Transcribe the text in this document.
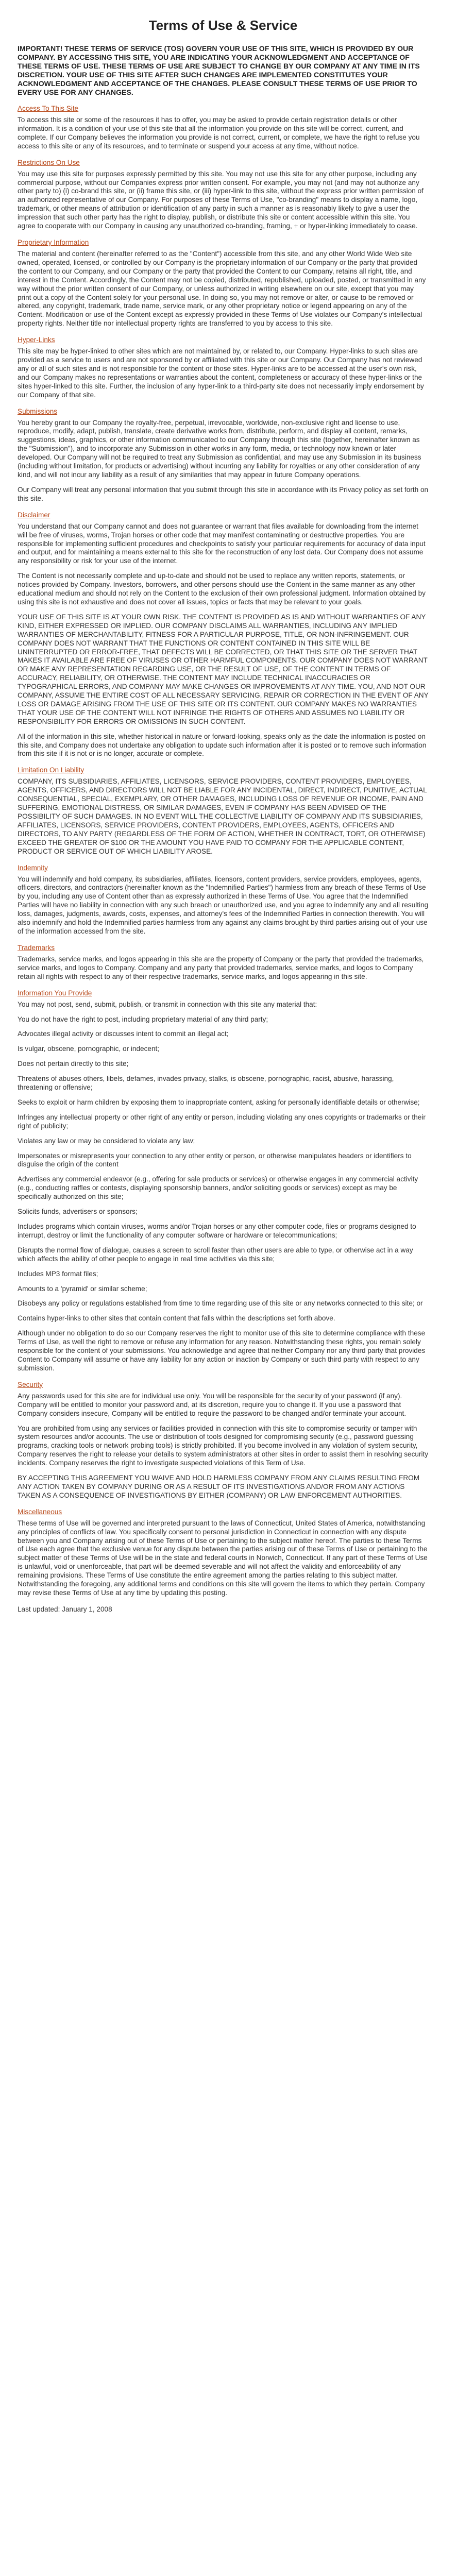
Terms of Use & Service

IMPORTANT! THESE TERMS OF SERVICE (TOS) GOVERN YOUR USE OF THIS SITE, WHICH IS PROVIDED BY OUR COMPANY. BY ACCESSING THIS SITE, YOU ARE INDICATING YOUR ACKNOWLEDGMENT AND ACCEPTANCE OF THESE TERMS OF USE. THESE TERMS OF USE ARE SUBJECT TO CHANGE BY OUR COMPANY AT ANY TIME IN ITS DISCRETION. YOUR USE OF THIS SITE AFTER SUCH CHANGES ARE IMPLEMENTED CONSTITUTES YOUR ACKNOWLEDGMENT AND ACCEPTANCE OF THE CHANGES. PLEASE CONSULT THESE TERMS OF USE PRIOR TO EVERY USE FOR ANY CHANGES.

Access To This Site

To access this site or some of the resources it has to offer, you may be asked to provide certain registration details or other information. It is a condition of your use of this site that all the information you provide on this site will be correct, current, and complete. If our Company believes the information you provide is not correct, current, or complete, we have the right to refuse you access to this site or any of its resources, and to terminate or suspend your access at any time, without notice.

Restrictions On Use

You may use this site for purposes expressly permitted by this site. You may not use this site for any other purpose, including any commercial purpose, without our Companies express prior written consent. For example, you may not (and may not authorize any other party to) (i) co-brand this site, or (ii) frame this site, or (iii) hyper-link to this site, without the express prior written permission of an authorized representative of our Company. For purposes of these Terms of Use, "co-branding" means to display a name, logo, trademark, or other means of attribution or identification of any party in such a manner as is reasonably likely to give a user the impression that such other party has the right to display, publish, or distribute this site or content accessible within this site. You agree to cooperate with our Company in causing any unauthorized co-branding, framing, + or hyper-linking immediately to cease.

Proprietary Information

The material and content (hereinafter referred to as the "Content") accessible from this site, and any other World Wide Web site owned, operated, licensed, or controlled by our Company is the proprietary information of our Company or the party that provided the content to our Company, and our Company or the party that provided the Content to our Company, retains all right, title, and interest in the Content. Accordingly, the Content may not be copied, distributed, republished, uploaded, posted, or transmitted in any way without the prior written consent of our Company, or unless authorized in writing elsewhere on our site, except that you may print out a copy of the Content solely for your personal use. In doing so, you may not remove or alter, or cause to be removed or altered, any copyright, trademark, trade name, service mark, or any other proprietary notice or legend appearing on any of the Content. Modification or use of the Content except as expressly provided in these Terms of Use violates our Company's intellectual property rights. Neither title nor intellectual property rights are transferred to you by access to this site.

Hyper-Links

This site may be hyper-linked to other sites which are not maintained by, or related to, our Company. Hyper-links to such sites are provided as a service to users and are not sponsored by or affiliated with this site or our Company. Our Company has not reviewed any or all of such sites and is not responsible for the content or those sites. Hyper-links are to be accessed at the user's own risk, and our Company makes no representations or warranties about the content, completeness or accuracy of these hyper-links or the sites hyper-linked to this site. Further, the inclusion of any hyper-link to a third-party site does not necessarily imply endorsement by our Company of that site.

Submissions

You hereby grant to our Company the royalty-free, perpetual, irrevocable, worldwide, non-exclusive right and license to use, reproduce, modify, adapt, publish, translate, create derivative works from, distribute, perform, and display all content, remarks, suggestions, ideas, graphics, or other information communicated to our Company through this site (together, hereinafter known as the "Submission"), and to incorporate any Submission in other works in any form, media, or technology now known or later developed. Our Company will not be required to treat any Submission as confidential, and may use any Submission in its business (including without limitation, for products or advertising) without incurring any liability for royalties or any other consideration of any kind, and will not incur any liability as a result of any similarities that may appear in future Company operations.

Our Company will treat any personal information that you submit through this site in accordance with its Privacy policy as set forth on this site.

Disclaimer

You understand that our Company cannot and does not guarantee or warrant that files available for downloading from the internet will be free of viruses, worms, Trojan horses or other code that may manifest contaminating or destructive properties. You are responsible for implementing sufficient procedures and checkpoints to satisfy your particular requirements for accuracy of data input and output, and for maintaining a means external to this site for the reconstruction of any lost data. Our Company does not assume any responsibility or risk for your use of the internet.

The Content is not necessarily complete and up-to-date and should not be used to replace any written reports, statements, or notices provided by Company. Investors, borrowers, and other persons should use the Content in the same manner as any other educational medium and should not rely on the Content to the exclusion of their own professional judgment. Information obtained by using this site is not exhaustive and does not cover all issues, topics or facts that may be relevant to your goals.

YOUR USE OF THIS SITE IS AT YOUR OWN RISK. THE CONTENT IS PROVIDED AS IS AND WITHOUT WARRANTIES OF ANY KIND, EITHER EXPRESSED OR IMPLIED. OUR COMPANY DISCLAIMS ALL WARRANTIES, INCLUDING ANY IMPLIED WARRANTIES OF MERCHANTABILITY, FITNESS FOR A PARTICULAR PURPOSE, TITLE, OR NON-INFRINGEMENT. OUR COMPANY DOES NOT WARRANT THAT THE FUNCTIONS OR CONTENT CONTAINED IN THIS SITE WILL BE UNINTERRUPTED OR ERROR-FREE, THAT DEFECTS WILL BE CORRECTED, OR THAT THIS SITE OR THE SERVER THAT MAKES IT AVAILABLE ARE FREE OF VIRUSES OR OTHER HARMFUL COMPONENTS. OUR COMPANY DOES NOT WARRANT OR MAKE ANY REPRESENTATION REGARDING USE, OR THE RESULT OF USE, OF THE CONTENT IN TERMS OF ACCURACY, RELIABILITY, OR OTHERWISE. THE CONTENT MAY INCLUDE TECHNICAL INACCURACIES OR TYPOGRAPHICAL ERRORS, AND COMPANY MAY MAKE CHANGES OR IMPROVEMENTS AT ANY TIME. YOU, AND NOT OUR COMPANY, ASSUME THE ENTIRE COST OF ALL NECESSARY SERVICING, REPAIR OR CORRECTION IN THE EVENT OF ANY LOSS OR DAMAGE ARISING FROM THE USE OF THIS SITE OR ITS CONTENT. OUR COMPANY MAKES NO WARRANTIES THAT YOUR USE OF THE CONTENT WILL NOT INFRINGE THE RIGHTS OF OTHERS AND ASSUMES NO LIABILITY OR RESPONSIBILITY FOR ERRORS OR OMISSIONS IN SUCH CONTENT.

All of the information in this site, whether historical in nature or forward-looking, speaks only as the date the information is posted on this site, and Company does not undertake any obligation to update such information after it is posted or to remove such information from this site if it is not or is no longer, accurate or complete.

Limitation On Liability

COMPANY, ITS SUBSIDIARIES, AFFILIATES, LICENSORS, SERVICE PROVIDERS, CONTENT PROVIDERS, EMPLOYEES, AGENTS, OFFICERS, AND DIRECTORS WILL NOT BE LIABLE FOR ANY INCIDENTAL, DIRECT, INDIRECT, PUNITIVE, ACTUAL CONSEQUENTIAL, SPECIAL, EXEMPLARY, OR OTHER DAMAGES, INCLUDING LOSS OF REVENUE OR INCOME, PAIN AND SUFFERING, EMOTIONAL DISTRESS, OR SIMILAR DAMAGES, EVEN IF COMPANY HAS BEEN ADVISED OF THE POSSIBILITY OF SUCH DAMAGES. IN NO EVENT WILL THE COLLECTIVE LIABILITY OF COMPANY AND ITS SUBSIDIARIES, AFFILIATES, LICENSORS, SERVICE PROVIDERS, CONTENT PROVIDERS, EMPLOYEES, AGENTS, OFFICERS AND DIRECTORS, TO ANY PARTY (REGARDLESS OF THE FORM OF ACTION, WHETHER IN CONTRACT, TORT, OR OTHERWISE) EXCEED THE GREATER OF $100 OR THE AMOUNT YOU HAVE PAID TO COMPANY FOR THE APPLICABLE CONTENT, PRODUCT OR SERVICE OUT OF WHICH LIABILITY AROSE.

Indemnity

You will indemnify and hold company, its subsidiaries, affiliates, licensors, content providers, service providers, employees, agents, officers, directors, and contractors (hereinafter known as the "Indemnified Parties") harmless from any breach of these Terms of Use by you, including any use of Content other than as expressly authorized in these Terms of Use. You agree that the Indemnified Parties will have no liability in connection with any such breach or unauthorized use, and you agree to indemnify any and all resulting loss, damages, judgments, awards, costs, expenses, and attorney's fees of the Indemnified Parties in connection therewith. You will also indemnify and hold the Indemnified parties harmless from any against any claims brought by third parties arising out of your use of the information accessed from the site.

Trademarks

Trademarks, service marks, and logos appearing in this site are the property of Company or the party that provided the trademarks, service marks, and logos to Company. Company and any party that provided trademarks, service marks, and logos to Company retain all rights with respect to any of their respective trademarks, service marks, and logos appearing in this site.

Information You Provide

You may not post, send, submit, publish, or transmit in connection with this site any material that:

You do not have the right to post, including proprietary material of any third party;

Advocates illegal activity or discusses intent to commit an illegal act;

Is vulgar, obscene, pornographic, or indecent;

Does not pertain directly to this site;

Threatens of abuses others, libels, defames, invades privacy, stalks, is obscene, pornographic, racist, abusive, harassing, threatening or offensive;

Seeks to exploit or harm children by exposing them to inappropriate content, asking for personally identifiable details or otherwise;

Infringes any intellectual property or other right of any entity or person, including violating any ones copyrights or trademarks or their right of publicity;

Violates any law or may be considered to violate any law;

Impersonates or misrepresents your connection to any other entity or person, or otherwise manipulates headers or identifiers to disguise the origin of the content

Advertises any commercial endeavor (e.g., offering for sale products or services) or otherwise engages in any commercial activity (e.g., conducting raffles or contests, displaying sponsorship banners, and/or soliciting goods or services) except as may be specifically authorized on this site;

Solicits funds, advertisers or sponsors;

Includes programs which contain viruses, worms and/or Trojan horses or any other computer code, files or programs designed to interrupt, destroy or limit the functionality of any computer software or hardware or telecommunications;

Disrupts the normal flow of dialogue, causes a screen to scroll faster than other users are able to type, or otherwise act in a way which affects the ability of other people to engage in real time activities via this site;

Includes MP3 format files;

Amounts to a 'pyramid' or similar scheme;

Disobeys any policy or regulations established from time to time regarding use of this site or any networks connected to this site; or

Contains hyper-links to other sites that contain content that falls within the descriptions set forth above.

Although under no obligation to do so our Company reserves the right to monitor use of this site to determine compliance with these Terms of Use, as well the right to remove or refuse any information for any reason. Notwithstanding these rights, you remain solely responsible for the content of your submissions. You acknowledge and agree that neither Company nor any third party that provides Content to Company will assume or have any liability for any action or inaction by Company or such third party with respect to any submission.

Security

Any passwords used for this site are for individual use only. You will be responsible for the security of your password (if any). Company will be entitled to monitor your password and, at its discretion, require you to change it. If you use a password that Company considers insecure, Company will be entitled to require the password to be changed and/or terminate your account.

You are prohibited from using any services or facilities provided in connection with this site to compromise security or tamper with system resources and/or accounts. The use or distribution of tools designed for compromising security (e.g., password guessing programs, cracking tools or network probing tools) is strictly prohibited. If you become involved in any violation of system security, Company reserves the right to release your details to system administrators at other sites in order to assist them in resolving security incidents. Company reserves the right to investigate suspected violations of this Term of Use.

BY ACCEPTING THIS AGREEMENT YOU WAIVE AND HOLD HARMLESS COMPANY FROM ANY CLAIMS RESULTING FROM ANY ACTION TAKEN BY COMPANY DURING OR AS A RESULT OF ITS INVESTIGATIONS AND/OR FROM ANY ACTIONS TAKEN AS A CONSEQUENCE OF INVESTIGATIONS BY EITHER (COMPANY) OR LAW ENFORCEMENT AUTHORITIES.

Miscellaneous

These terms of Use will be governed and interpreted pursuant to the laws of Connecticut, United States of America, notwithstanding any principles of conflicts of law. You specifically consent to personal jurisdiction in Connecticut in connection with any dispute between you and Company arising out of these Terms of Use or pertaining to the subject matter hereof. The parties to these Terms of Use each agree that the exclusive venue for any dispute between the parties arising out of these Terms of Use or pertaining to the subject matter of these Terms of Use will be in the state and federal courts in Norwich, Connecticut. If any part of these Terms of Use is unlawful, void or unenforceable, that part will be deemed severable and will not affect the validity and enforceability of any remaining provisions. These Terms of Use constitute the entire agreement among the parties relating to this subject matter. Notwithstanding the foregoing, any additional terms and conditions on this site will govern the items to which they pertain. Company may revise these Terms of Use at any time by updating this posting.

Last updated: January 1, 2008
